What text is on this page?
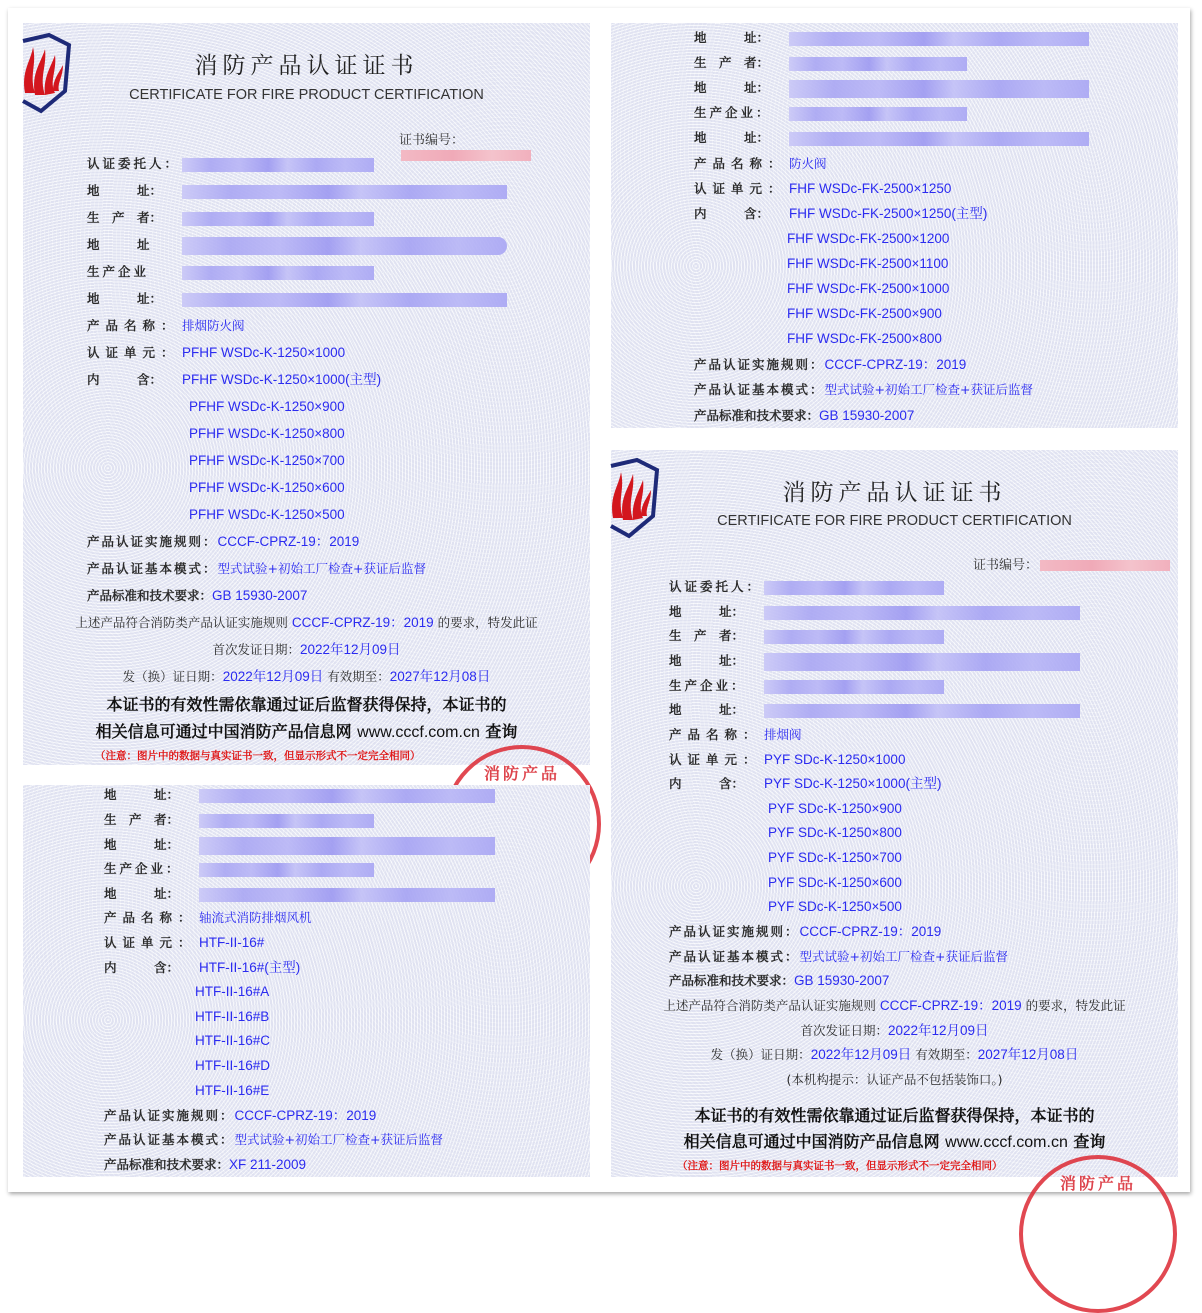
消防产品认证证书
CERTIFICATE FOR FIRE PRODUCT CERTIFICATION
证书编号：
认证委托人：
地　　　址：
生　产　者：
地　　　址
生产企业
地　　　址：
产品名称： 排烟防火阀
认证单元： PFHF WSDc-K-1250×1000
内　　　含： PFHF WSDc-K-1250×1000(主型)
PFHF WSDc-K-1250×900
PFHF WSDc-K-1250×800
PFHF WSDc-K-1250×700
PFHF WSDc-K-1250×600
PFHF WSDc-K-1250×500
产品认证实施规则：CCCF-CPRZ-19：2019
产品认证基本模式：型式试验+初始工厂检查+获证后监督
产品标准和技术要求：GB 15930-2007
上述产品符合消防类产品认证实施规则 CCCF-CPRZ-19：2019 的要求，特发此证
首次发证日期：2022年12月09日
发（换）证日期：2022年12月09日 有效期至：2027年12月08日
本证书的有效性需依靠通过证后监督获得保持，本证书的
相关信息可通过中国消防产品信息网 www.cccf.com.cn 查询
（注意：图片中的数据与真实证书一致，但显示形式不一定完全相同）
消防产品
地　　　址：
生　产　者：
地　　　址：
生产企业：
地　　　址：
产品名称： 防火阀
认证单元： FHF WSDc-FK-2500×1250
内　　　含： FHF WSDc-FK-2500×1250(主型)
FHF WSDc-FK-2500×1200
FHF WSDc-FK-2500×1100
FHF WSDc-FK-2500×1000
FHF WSDc-FK-2500×900
FHF WSDc-FK-2500×800
产品认证实施规则：CCCF-CPRZ-19：2019
产品认证基本模式：型式试验+初始工厂检查+获证后监督
产品标准和技术要求：GB 15930-2007
地　　　址：
生　产　者：
地　　　址：
生产企业：
地　　　址：
产品名称： 轴流式消防排烟风机
认证单元： HTF-II-16#
内　　　含： HTF-II-16#(主型)
HTF-II-16#A
HTF-II-16#B
HTF-II-16#C
HTF-II-16#D
HTF-II-16#E
产品认证实施规则：CCCF-CPRZ-19：2019
产品认证基本模式：型式试验+初始工厂检查+获证后监督
产品标准和技术要求：XF 211-2009
消防产品认证证书
CERTIFICATE FOR FIRE PRODUCT CERTIFICATION
证书编号：
认证委托人：
地　　　址：
生　产　者：
地　　　址：
生产企业：
地　　　址：
产品名称： 排烟阀
认证单元： PYF SDc-K-1250×1000
内　　　含： PYF SDc-K-1250×1000(主型)
PYF SDc-K-1250×900
PYF SDc-K-1250×800
PYF SDc-K-1250×700
PYF SDc-K-1250×600
PYF SDc-K-1250×500
产品认证实施规则：CCCF-CPRZ-19：2019
产品认证基本模式：型式试验+初始工厂检查+获证后监督
产品标准和技术要求：GB 15930-2007
上述产品符合消防类产品认证实施规则 CCCF-CPRZ-19：2019 的要求，特发此证
首次发证日期：2022年12月09日
发（换）证日期：2022年12月09日 有效期至：2027年12月08日
(本机构提示：认证产品不包括装饰口。)
本证书的有效性需依靠通过证后监督获得保持，本证书的
相关信息可通过中国消防产品信息网 www.cccf.com.cn 查询
（注意：图片中的数据与真实证书一致，但显示形式不一定完全相同）
消防产品
